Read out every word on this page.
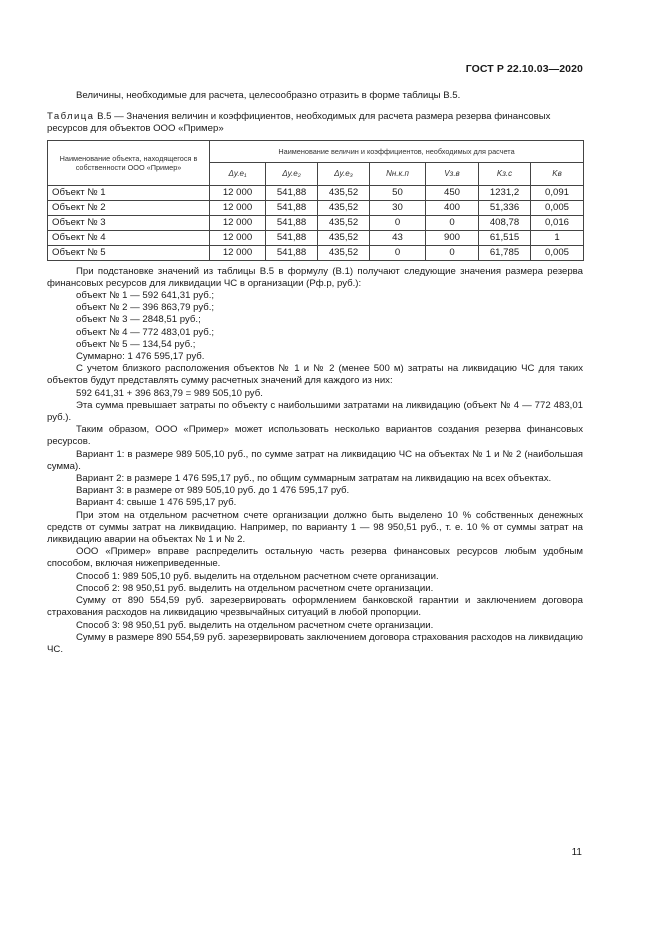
ГОСТ Р 22.10.03—2020

Величины, необходимые для расчета, целесообразно отразить в форме таблицы В.5.

Таблица В.5 — Значения величин и коэффициентов, необходимых для расчета размера резерва финансовых ресурсов для объектов ООО «Пример»

Наименование объекта, находящегося в собственности ООО «Пример»	Наименование величин и коэффициентов, необходимых для расчета						
	Δу.е₁	Δу.е₂	Δу.е₃	Nн.к.п	Vз.в	Kз.с	Kв
Объект № 1	12 000	541,88	435,52	50	450	1231,2	0,091
Объект № 2	12 000	541,88	435,52	30	400	51,336	0,005
Объект № 3	12 000	541,88	435,52	0	0	408,78	0,016
Объект № 4	12 000	541,88	435,52	43	900	61,515	1
Объект № 5	12 000	541,88	435,52	0	0	61,785	0,005

При подстановке значений из таблицы В.5 в формулу (В.1) получают следующие значения размера резерва финансовых ресурсов для ликвидации ЧС в организации (Рф.р, руб.):

объект № 1 — 592 641,31 руб.;

объект № 2 — 396 863,79 руб.;

объект № 3 — 2848,51 руб.;

объект № 4 — 772 483,01 руб.;

объект № 5 — 134,54 руб.;

Суммарно: 1 476 595,17 руб.

С учетом близкого расположения объектов № 1 и № 2 (менее 500 м) затраты на ликвидацию ЧС для таких объектов будут представлять сумму расчетных значений для каждого из них:

592 641,31 + 396 863,79 = 989 505,10 руб.

Эта сумма превышает затраты по объекту с наибольшими затратами на ликвидацию (объект № 4 — 772 483,01 руб.).

Таким образом, ООО «Пример» может использовать несколько вариантов создания резерва финансовых ресурсов.

Вариант 1: в размере 989 505,10 руб., по сумме затрат на ликвидацию ЧС на объектах № 1 и № 2 (наибольшая сумма).

Вариант 2: в размере 1 476 595,17 руб., по общим суммарным затратам на ликвидацию на всех объектах.

Вариант 3: в размере от 989 505,10 руб. до 1 476 595,17 руб.

Вариант 4: свыше 1 476 595,17 руб.

При этом на отдельном расчетном счете организации должно быть выделено 10 % собственных денежных средств от суммы затрат на ликвидацию. Например, по варианту 1 — 98 950,51 руб., т. е. 10 % от суммы затрат на ликвидацию аварии на объектах № 1 и № 2.

ООО «Пример» вправе распределить остальную часть резерва финансовых ресурсов любым удобным способом, включая нижеприведенные.

Способ 1: 989 505,10 руб. выделить на отдельном расчетном счете организации.

Способ 2: 98 950,51 руб. выделить на отдельном расчетном счете организации.

Сумму от 890 554,59 руб. зарезервировать оформлением банковской гарантии и заключением договора страхования расходов на ликвидацию чрезвычайных ситуаций в любой пропорции.

Способ 3: 98 950,51 руб. выделить на отдельном расчетном счете организации.

Сумму в размере 890 554,59 руб. зарезервировать заключением договора страхования расходов на ликвидацию ЧС.

11
